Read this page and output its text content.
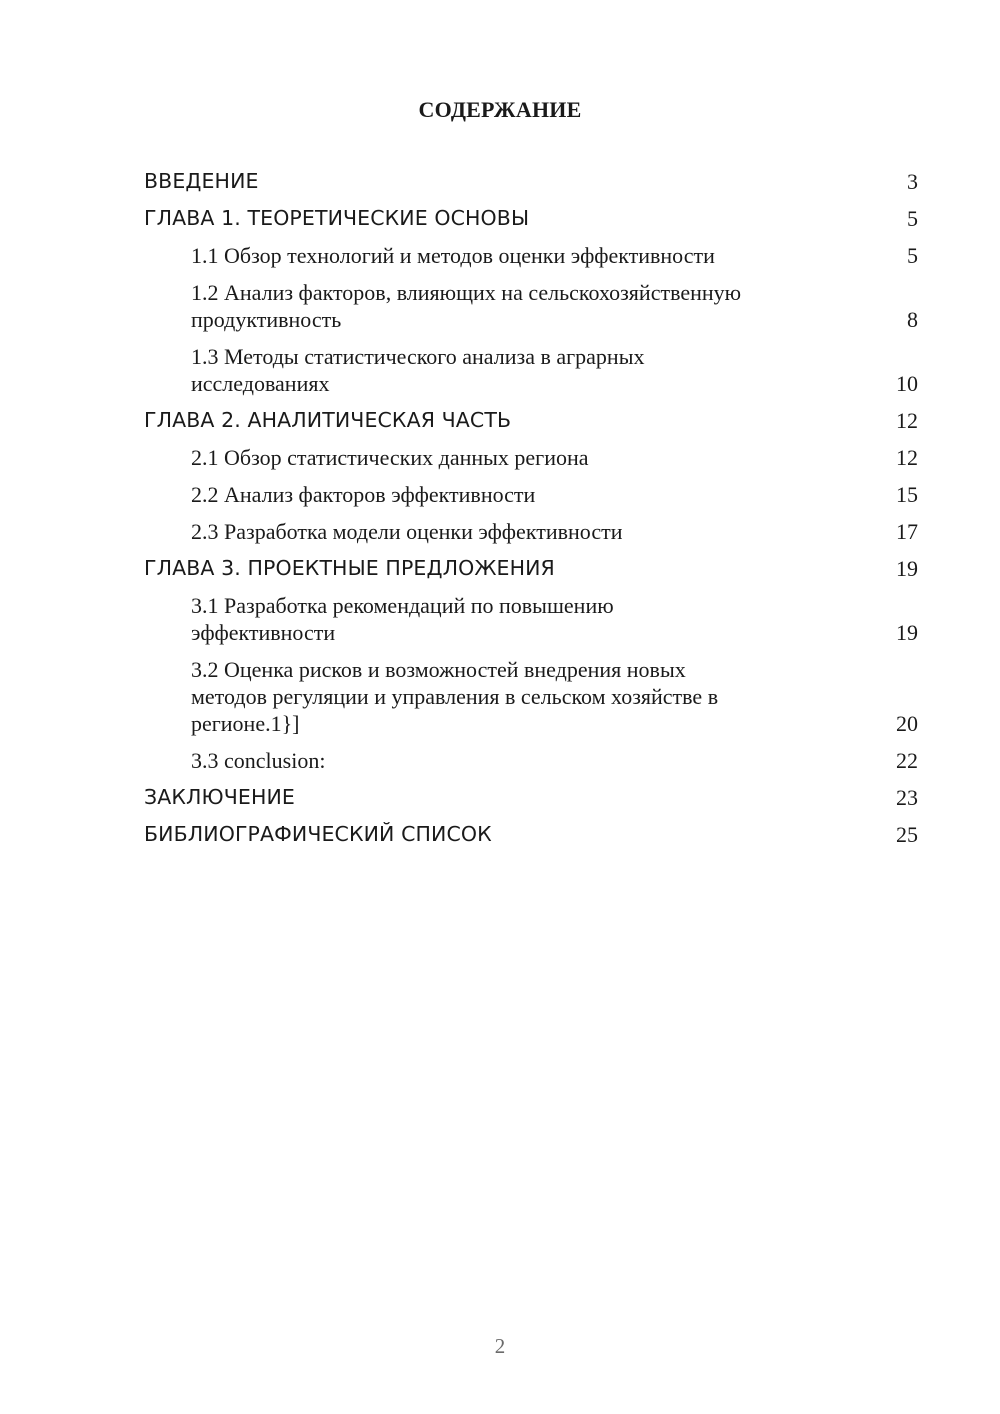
СОДЕРЖАНИЕ
ВВЕДЕНИЕ	3
ГЛАВА 1. ТЕОРЕТИЧЕСКИЕ ОСНОВЫ	5
1.1 Обзор технологий и методов оценки эффективности	5
1.2 Анализ факторов, влияющих на сельскохозяйственную
продуктивность	8
1.3 Методы статистического анализа в аграрных
исследованиях	10
ГЛАВА 2. АНАЛИТИЧЕСКАЯ ЧАСТЬ	12
2.1 Обзор статистических данных региона	12
2.2 Анализ факторов эффективности	15
2.3 Разработка модели оценки эффективности	17
ГЛАВА 3. ПРОЕКТНЫЕ ПРЕДЛОЖЕНИЯ	19
3.1 Разработка рекомендаций по повышению
эффективности	19
3.2 Оценка рисков и возможностей внедрения новых
методов регуляции и управления в сельском хозяйстве в
регионе.1}]	20
3.3 conclusion:	22
ЗАКЛЮЧЕНИЕ	23
БИБЛИОГРАФИЧЕСКИЙ СПИСОК	25
2
